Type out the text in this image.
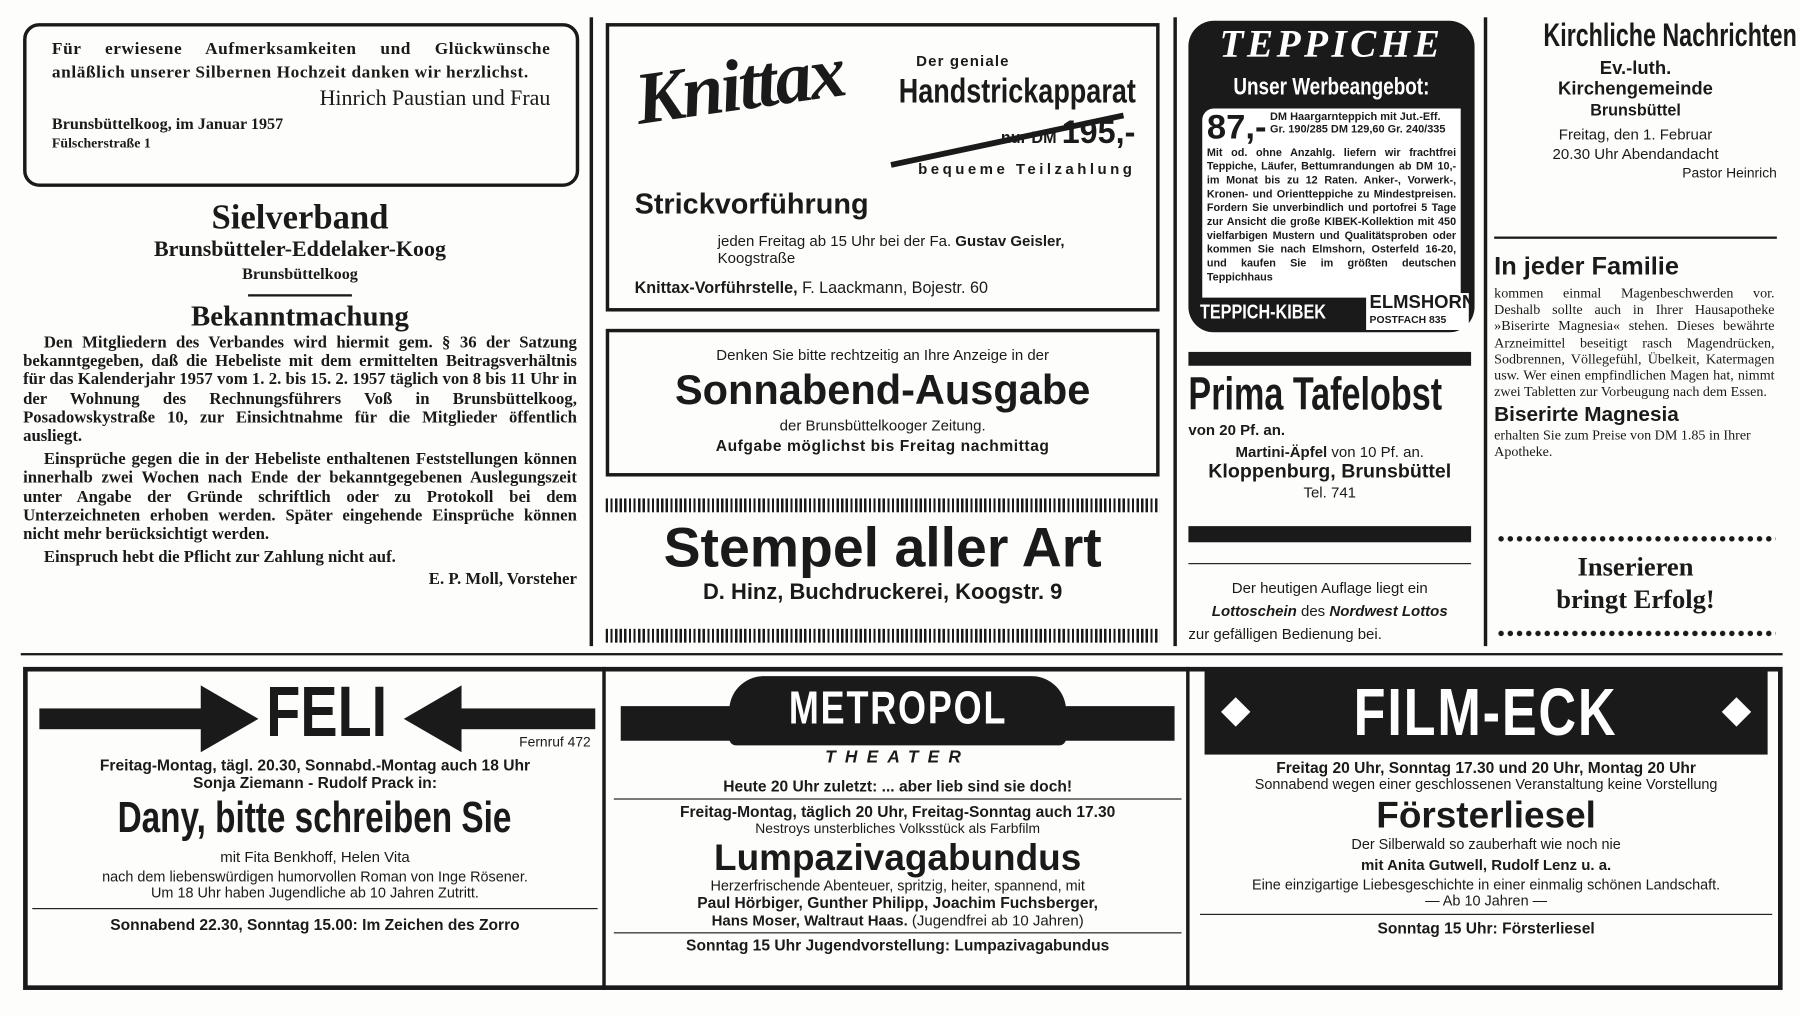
Für erwiesene Aufmerksamkeiten und Glückwünsche anläßlich unserer Silbernen Hochzeit danken wir herzlichst.
Hinrich Paustian und Frau
Brunsbüttelkoog, im Januar 1957
Fülscherstraße 1
Sielverband
Brunsbütteler-Eddelaker-Koog
Brunsbüttelkoog
Bekanntmachung
Den Mitgliedern des Verbandes wird hiermit gem. § 36 der Satzung bekanntgegeben, daß die Hebeliste mit dem ermittelten Beitragsverhältnis für das Kalenderjahr 1957 vom 1. 2. bis 15. 2. 1957 täglich von 8 bis 11 Uhr in der Wohnung des Rechnungsführers Voß in Brunsbüttelkoog, Posadowskystraße 10, zur Einsichtnahme für die Mitglieder öffentlich ausliegt.
Einsprüche gegen die in der Hebeliste enthaltenen Feststellungen können innerhalb zwei Wochen nach Ende der bekanntgegebenen Auslegungszeit unter Angabe der Gründe schriftlich oder zu Protokoll bei dem Unterzeichneten erhoben werden. Später eingehende Einsprüche können nicht mehr berücksichtigt werden.
Einspruch hebt die Pflicht zur Zahlung nicht auf.
E. P. Moll, Vorsteher
Knittax	Der geniale
Handstrickapparat
nur DM 195,-
bequeme Teilzahlung
Strickvorführung
jeden Freitag ab 15 Uhr bei der Fa. Gustav Geisler,
Koogstraße
Knittax-Vorführstelle, F. Laackmann, Bojestr. 60
Denken Sie bitte rechtzeitig an Ihre Anzeige in der
Sonnabend-Ausgabe
der Brunsbüttelkooger Zeitung.
Aufgabe möglichst bis Freitag nachmittag
Stempel aller Art
D. Hinz, Buchdruckerei, Koogstr. 9
TEPPICHE
Unser Werbeangebot:
87,- DM Haargarnteppich mit Jut.-Eff.
Gr. 190/285 DM 129,60 Gr. 240/335
Mit od. ohne Anzahlg. liefern wir frachtfrei Teppiche, Läufer, Bettumrandungen ab DM 10,- im Monat bis zu 12 Raten. Anker-, Vorwerk-, Kronen- und Orientteppiche zu Mindestpreisen. Fordern Sie unverbindlich und portofrei 5 Tage zur Ansicht die große KIBEK-Kollektion mit 450 vielfarbigen Mustern und Qualitätsproben oder kommen Sie nach Elmshorn, Osterfeld 16-20, und kaufen Sie im größten deutschen Teppichhaus
TEPPICH-KIBEK	ELMSHORN
POSTFACH 835
Prima Tafelobst
von 20 Pf. an.
Martini-Äpfel von 10 Pf. an.
Kloppenburg, Brunsbüttel
Tel. 741
Der heutigen Auflage liegt ein
Lottoschein des Nordwest Lottos
zur gefälligen Bedienung bei.
Kirchliche Nachrichten
Ev.-luth.
Kirchengemeinde
Brunsbüttel
Freitag, den 1. Februar
20.30 Uhr Abendandacht
Pastor Heinrich
In jeder Familie
kommen einmal Magenbeschwerden vor. Deshalb sollte auch in Ihrer Hausapotheke »Biserirte Magnesia« stehen. Dieses bewährte Arzneimittel beseitigt rasch Magendrücken, Sodbrennen, Völlegefühl, Übelkeit, Katermagen usw. Wer einen empfindlichen Magen hat, nimmt zwei Tabletten zur Vorbeugung nach dem Essen.
Biserirte Magnesia
erhalten Sie zum Preise von DM 1.85 in Ihrer Apotheke.
Inserieren
bringt Erfolg!
FELI	Fernruf 472
Freitag-Montag, tägl. 20.30, Sonnabd.-Montag auch 18 Uhr
Sonja Ziemann - Rudolf Prack in:
Dany, bitte schreiben Sie
mit Fita Benkhoff, Helen Vita
nach dem liebenswürdigen humorvollen Roman von Inge Rösener.
Um 18 Uhr haben Jugendliche ab 10 Jahren Zutritt.
Sonnabend 22.30, Sonntag 15.00: Im Zeichen des Zorro
METROPOL
THEATER
Heute 20 Uhr zuletzt: ... aber lieb sind sie doch!
Freitag-Montag, täglich 20 Uhr, Freitag-Sonntag auch 17.30
Nestroys unsterbliches Volksstück als Farbfilm
Lumpazivagabundus
Herzerfrischende Abenteuer, spritzig, heiter, spannend, mit
Paul Hörbiger, Gunther Philipp, Joachim Fuchsberger,
Hans Moser, Waltraut Haas. (Jugendfrei ab 10 Jahren)
Sonntag 15 Uhr Jugendvorstellung: Lumpazivagabundus
FILM-ECK
Freitag 20 Uhr, Sonntag 17.30 und 20 Uhr, Montag 20 Uhr
Sonnabend wegen einer geschlossenen Veranstaltung keine Vorstellung
Försterliesel
Der Silberwald so zauberhaft wie noch nie
mit Anita Gutwell, Rudolf Lenz u. a.
Eine einzigartige Liebesgeschichte in einer einmalig schönen Landschaft.
— Ab 10 Jahren —
Sonntag 15 Uhr: Försterliesel
